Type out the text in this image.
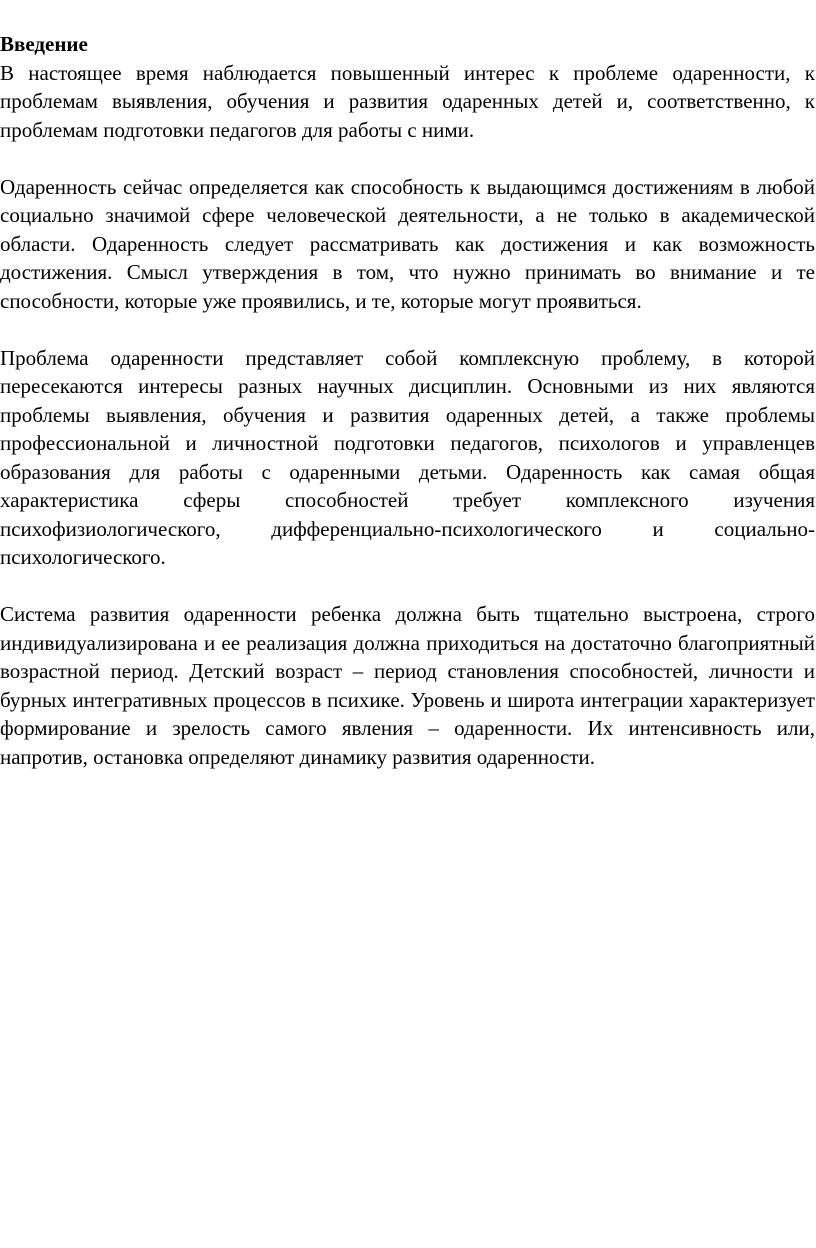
Введение

В настоящее время наблюдается повышенный интерес к проблеме одаренности, к проблемам выявления, обучения и развития одаренных детей и, соответственно, к проблемам подготовки педагогов для работы с ними.

Одаренность сейчас определяется как способность к выдающимся достижениям в любой социально значимой сфере человеческой деятельности, а не только в академической области. Одаренность следует рассматривать как достижения и как возможность достижения. Смысл утверждения в том, что нужно принимать во внимание и те способности, которые уже проявились, и те, которые могут проявиться.

Проблема одаренности представляет собой комплексную проблему, в которой пересекаются интересы разных научных дисциплин. Основными из них являются проблемы выявления, обучения и развития одаренных детей, а также проблемы профессиональной и личностной подготовки педагогов, психологов и управленцев образования для работы с одаренными детьми. Одаренность как самая общая характеристика сферы способностей требует комплексного изучения психофизиологического, дифференциально-психологического и социально-психологического.

Система развития одаренности ребенка должна быть тщательно выстроена, строго индивидуализирована и ее реализация должна приходиться на достаточно благоприятный возрастной период. Детский возраст – период становления способностей, личности и бурных интегративных процессов в психике. Уровень и широта интеграции характеризует формирование и зрелость самого явления – одаренности. Их интенсивность или, напротив, остановка определяют динамику развития одаренности.
